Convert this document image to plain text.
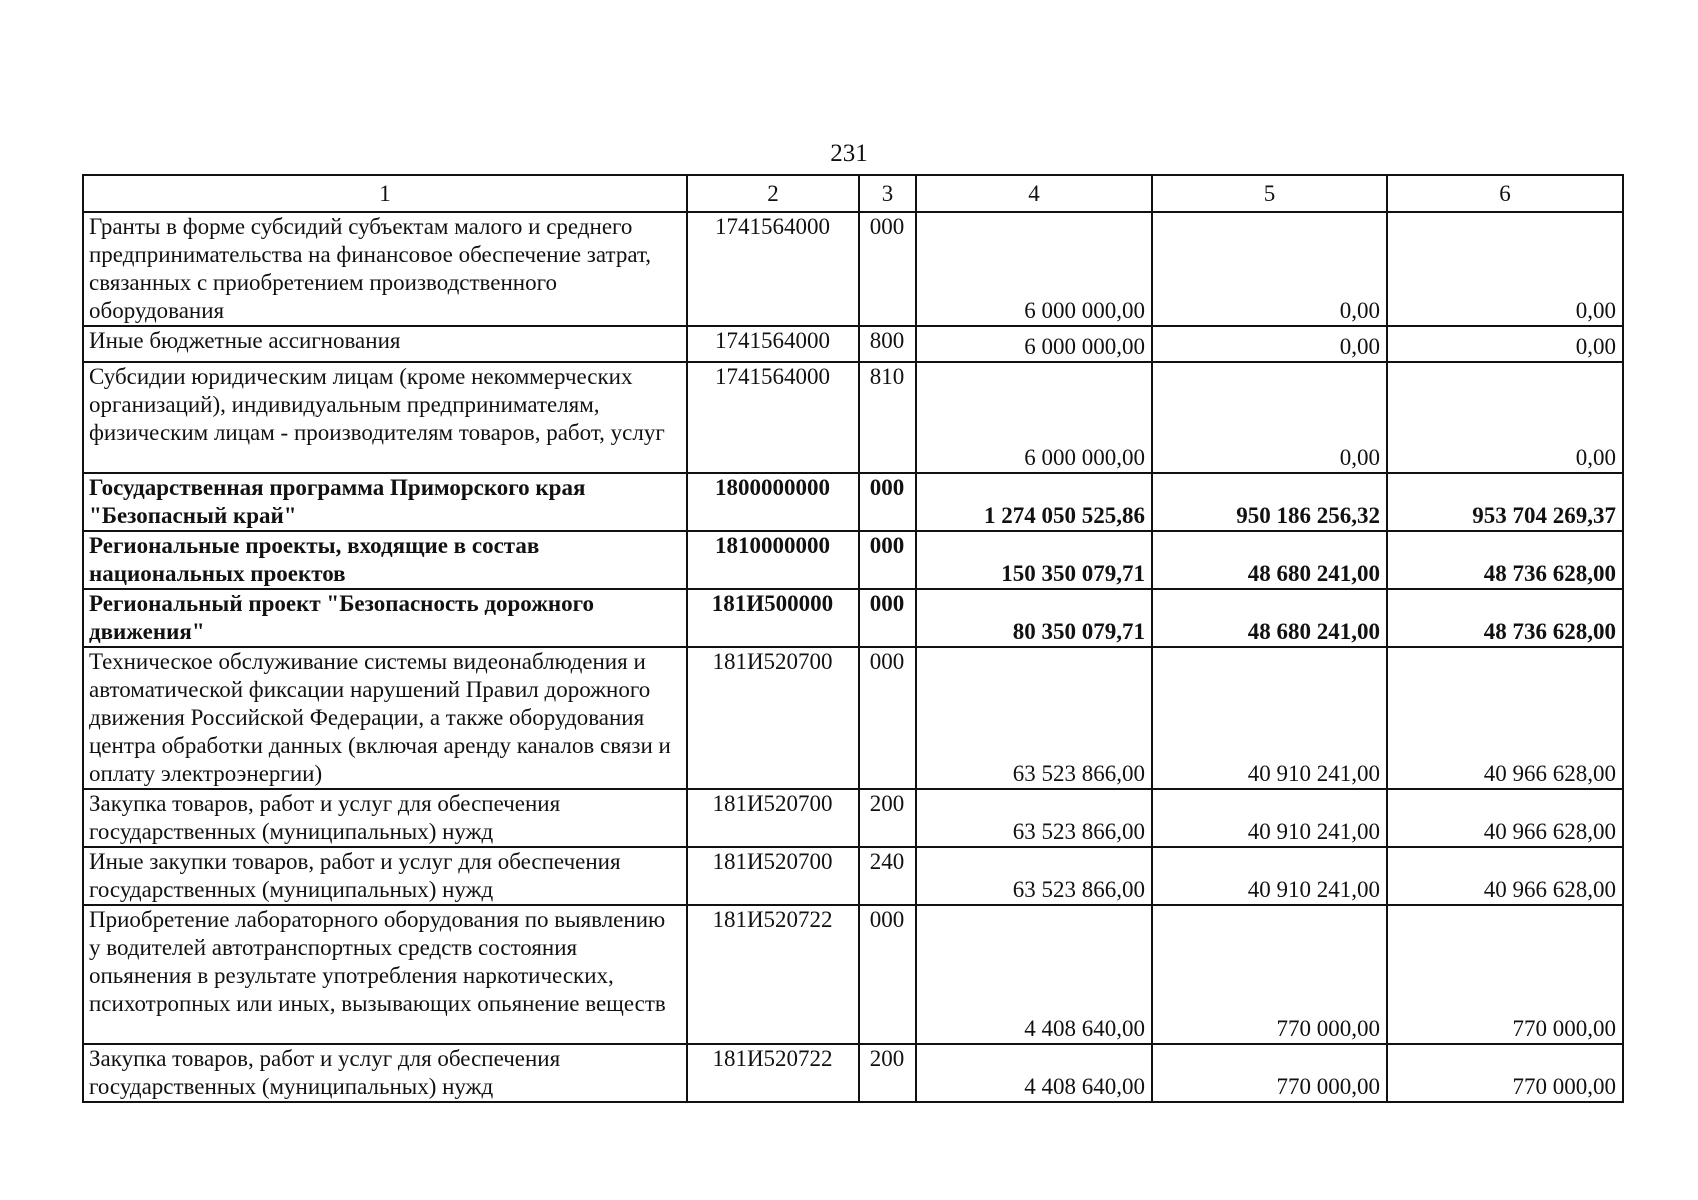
231
1	2	3	4	5	6
Гранты в форме субсидий субъектам малого и среднего предпринимательства на финансовое обеспечение затрат, связанных с приобретением производственного оборудования	1741564000	000	6 000 000,00	0,00	0,00
Иные бюджетные ассигнования	1741564000	800	6 000 000,00	0,00	0,00
Субсидии юридическим лицам (кроме некоммерческих организаций), индивидуальным предпринимателям, физическим лицам - производителям товаров, работ, услуг	1741564000	810	6 000 000,00	0,00	0,00
Государственная программа Приморского края "Безопасный край"	1800000000	000	1 274 050 525,86	950 186 256,32	953 704 269,37
Региональные проекты, входящие в состав национальных проектов	1810000000	000	150 350 079,71	48 680 241,00	48 736 628,00
Региональный проект "Безопасность дорожного движения"	181И500000	000	80 350 079,71	48 680 241,00	48 736 628,00
Техническое обслуживание системы видеонаблюдения и автоматической фиксации нарушений Правил дорожного движения Российской Федерации, а также оборудования центра обработки данных (включая аренду каналов связи и оплату электроэнергии)	181И520700	000	63 523 866,00	40 910 241,00	40 966 628,00
Закупка товаров, работ и услуг для обеспечения государственных (муниципальных) нужд	181И520700	200	63 523 866,00	40 910 241,00	40 966 628,00
Иные закупки товаров, работ и услуг для обеспечения государственных (муниципальных) нужд	181И520700	240	63 523 866,00	40 910 241,00	40 966 628,00
Приобретение лабораторного оборудования по выявлению у водителей автотранспортных средств состояния опьянения в результате употребления наркотических, психотропных или иных, вызывающих опьянение веществ	181И520722	000	4 408 640,00	770 000,00	770 000,00
Закупка товаров, работ и услуг для обеспечения государственных (муниципальных) нужд	181И520722	200	4 408 640,00	770 000,00	770 000,00
